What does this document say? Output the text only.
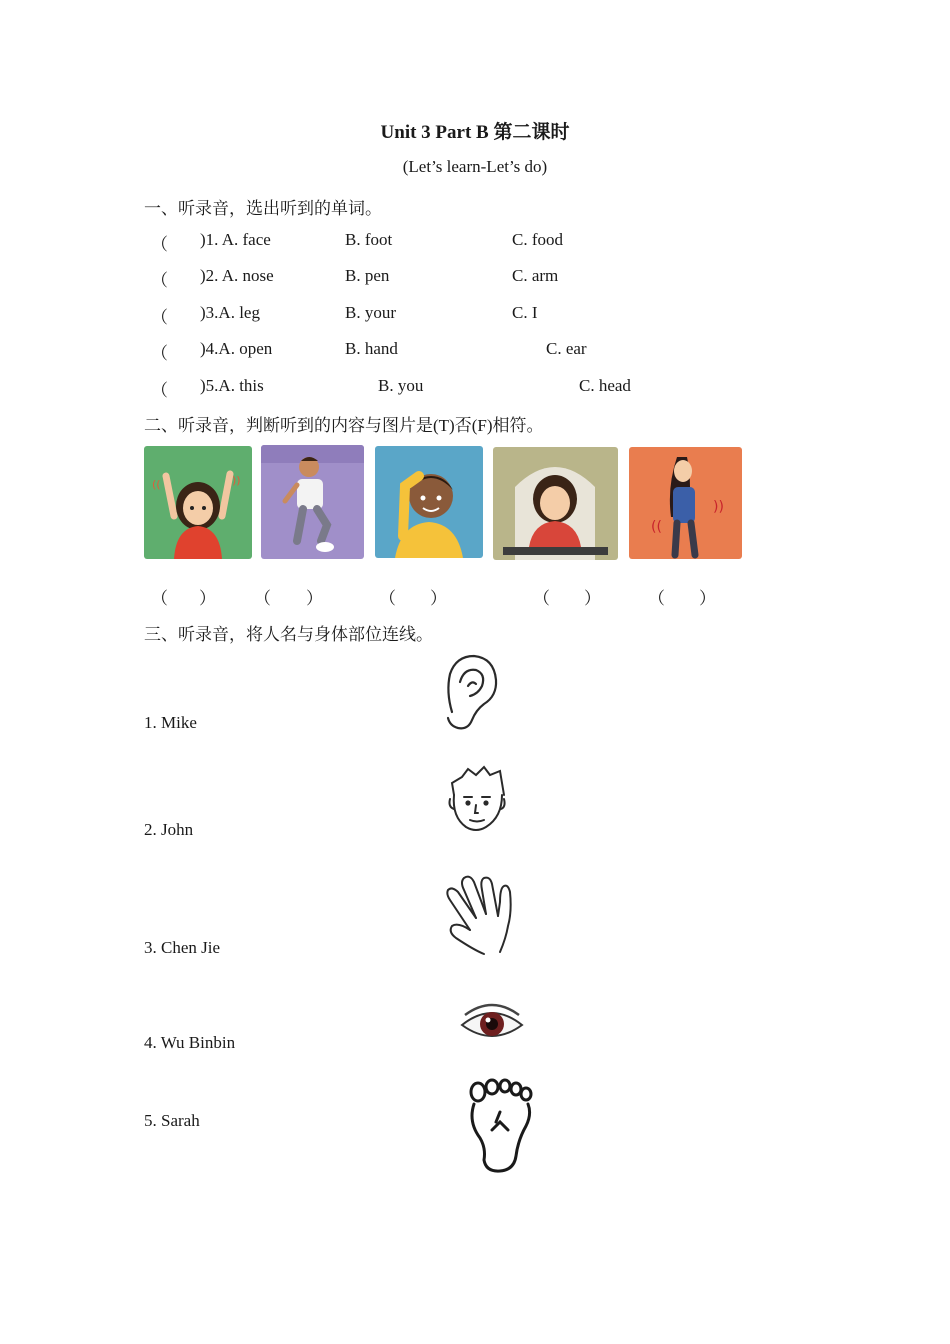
Unit 3 Part B 第二课时
(Let’s learn-Let’s do)
一、听录音，选出听到的单词。
（ )1. A. face	B. foot	C. food
（ )2. A. nose	B. pen	C. arm
（ )3.A. leg	B. your	C. I
（ )4.A. open	B. hand	C. ear
（ )5.A. this	B. you	C. head
二、听录音，判断听到的内容与图片是(T)否(F)相符。
((	))
((
))
（ ） （ ）	（ ）	（ ）	（ ）
三、听录音，将人名与身体部位连线。
1. Mike
2. John
3. Chen Jie
4. Wu Binbin
5. Sarah
